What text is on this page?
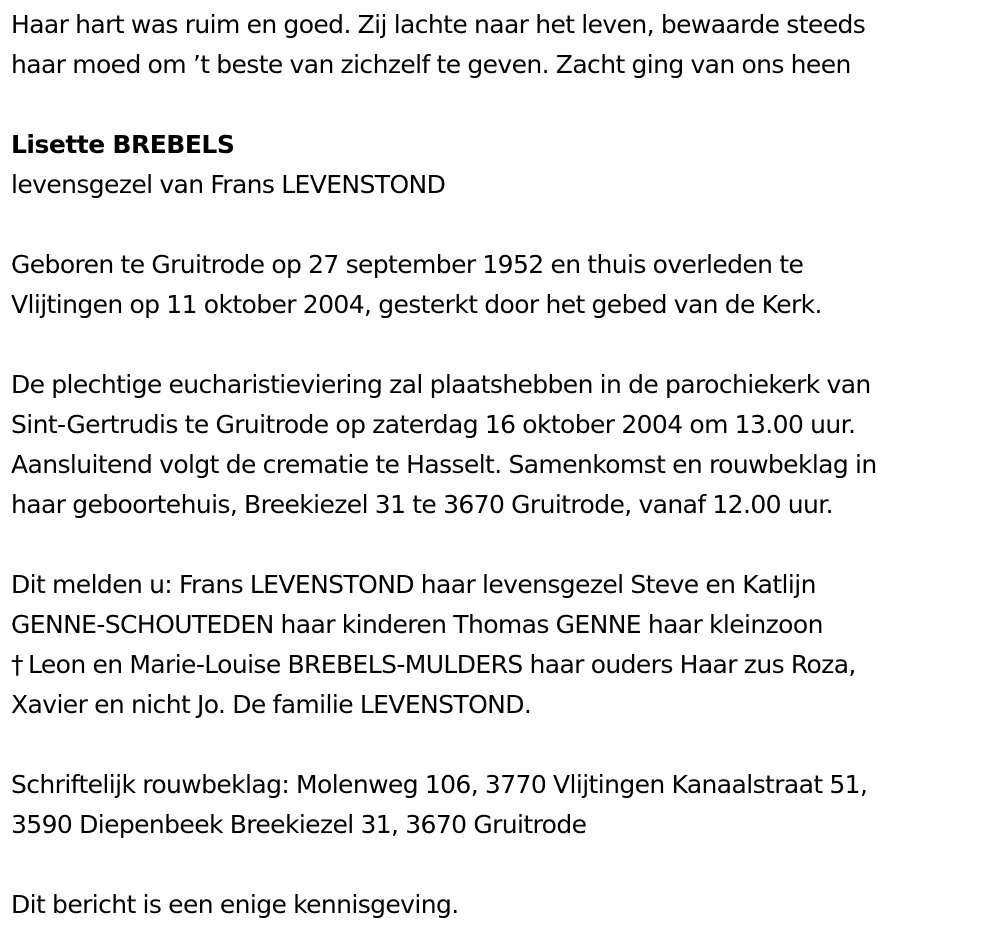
Haar hart was ruim en goed. Zij lachte naar het leven, bewaarde steeds
haar moed om ’t beste van zichzelf te geven. Zacht ging van ons heen
Lisette BREBELS
levensgezel van Frans LEVENSTOND
Geboren te Gruitrode op 27 september 1952 en thuis overleden te
Vlijtingen op 11 oktober 2004, gesterkt door het gebed van de Kerk.
De plechtige eucharistieviering zal plaatshebben in de parochiekerk van
Sint-Gertrudis te Gruitrode op zaterdag 16 oktober 2004 om 13.00 uur.
Aansluitend volgt de crematie te Hasselt. Samenkomst en rouwbeklag in
haar geboortehuis, Breekiezel 31 te 3670 Gruitrode, vanaf 12.00 uur.
Dit melden u: Frans LEVENSTOND haar levensgezel Steve en Katlijn
GENNE-SCHOUTEDEN haar kinderen Thomas GENNE haar kleinzoon
† Leon en Marie-Louise BREBELS-MULDERS haar ouders Haar zus Roza,
Xavier en nicht Jo. De familie LEVENSTOND.
Schriftelijk rouwbeklag: Molenweg 106, 3770 Vlijtingen Kanaalstraat 51,
3590 Diepenbeek Breekiezel 31, 3670 Gruitrode
Dit bericht is een enige kennisgeving.
